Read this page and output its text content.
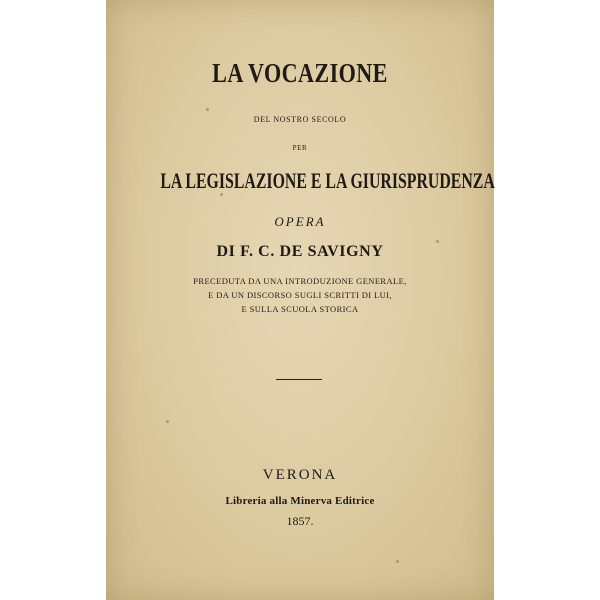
LA VOCAZIONE
DEL NOSTRO SECOLO
PER
LA LEGISLAZIONE E LA GIURISPRUDENZA
OPERA
DI F. C. DE SAVIGNY
PRECEDUTA DA UNA INTRODUZIONE GENERALE,
E DA UN DISCORSO SUGLI SCRITTI DI LUI,
E SULLA SCUOLA STORICA
VERONA
Libreria alla Minerva Editrice
1857.
